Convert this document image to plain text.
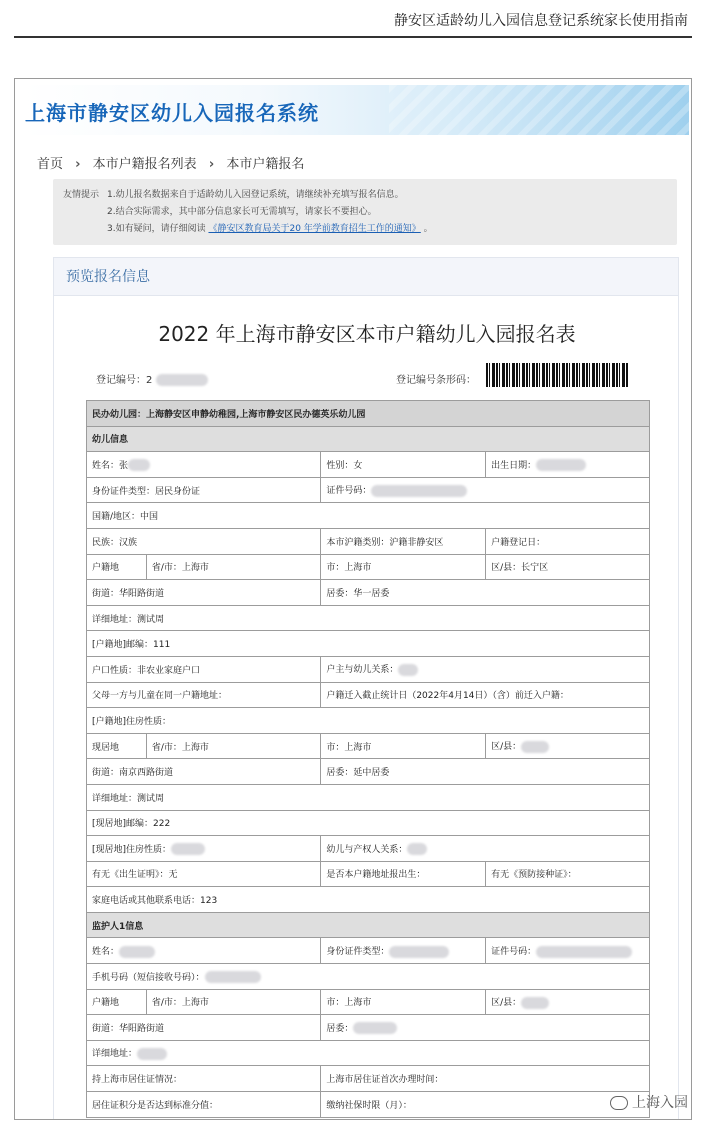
静安区适龄幼儿入园信息登记系统家长使用指南
上海市静安区幼儿入园报名系统
首页 › 本市户籍报名列表 › 本市户籍报名
友情提示 1.幼儿报名数据来自于适龄幼儿入园登记系统，请继续补充填写报名信息。
2.结合实际需求，其中部分信息家长可无需填写，请家长不要担心。
3.如有疑问，请仔细阅读 《静安区教育局关于20 年学前教育招生工作的通知》 。
预览报名信息
2022 年上海市静安区本市户籍幼儿入园报名表
登记编号：2	登记编号条形码：
民办幼儿园：上海静安区申静幼稚园,上海市静安区民办德英乐幼儿园			
幼儿信息			
姓名：张		性别：女	出生日期：
身份证件类型：居民身份证		证件号码：	
国籍/地区：中国			
民族：汉族		本市沪籍类别：沪籍非静安区	户籍登记日：
户籍地	省/市：上海市	市：上海市	区/县：长宁区
街道：华阳路街道		居委：华一居委	
详细地址：测试周			
[户籍地]邮编：111			
户口性质：非农业家庭户口		户主与幼儿关系：	
父母一方与儿童在同一户籍地址：		户籍迁入截止统计日（2022年4月14日）（含）前迁入户籍：	
[户籍地]住房性质：			
现居地	省/市：上海市	市：上海市	区/县：
街道：南京西路街道		居委：延中居委	
详细地址：测试周			
[现居地]邮编：222			
[现居地]住房性质：		幼儿与产权人关系：	
有无《出生证明》：无		是否本户籍地址报出生：	有无《预防接种证》：
家庭电话或其他联系电话：123			
监护人1信息			
姓名：		身份证件类型：	证件号码：
手机号码（短信接收号码）：			
户籍地	省/市：上海市	市：上海市	区/县：
街道：华阳路街道		居委：	
详细地址：			
持上海市居住证情况：		上海市居住证首次办理时间：	
居住证积分是否达到标准分值：		缴纳社保时限（月）：		上海入园
